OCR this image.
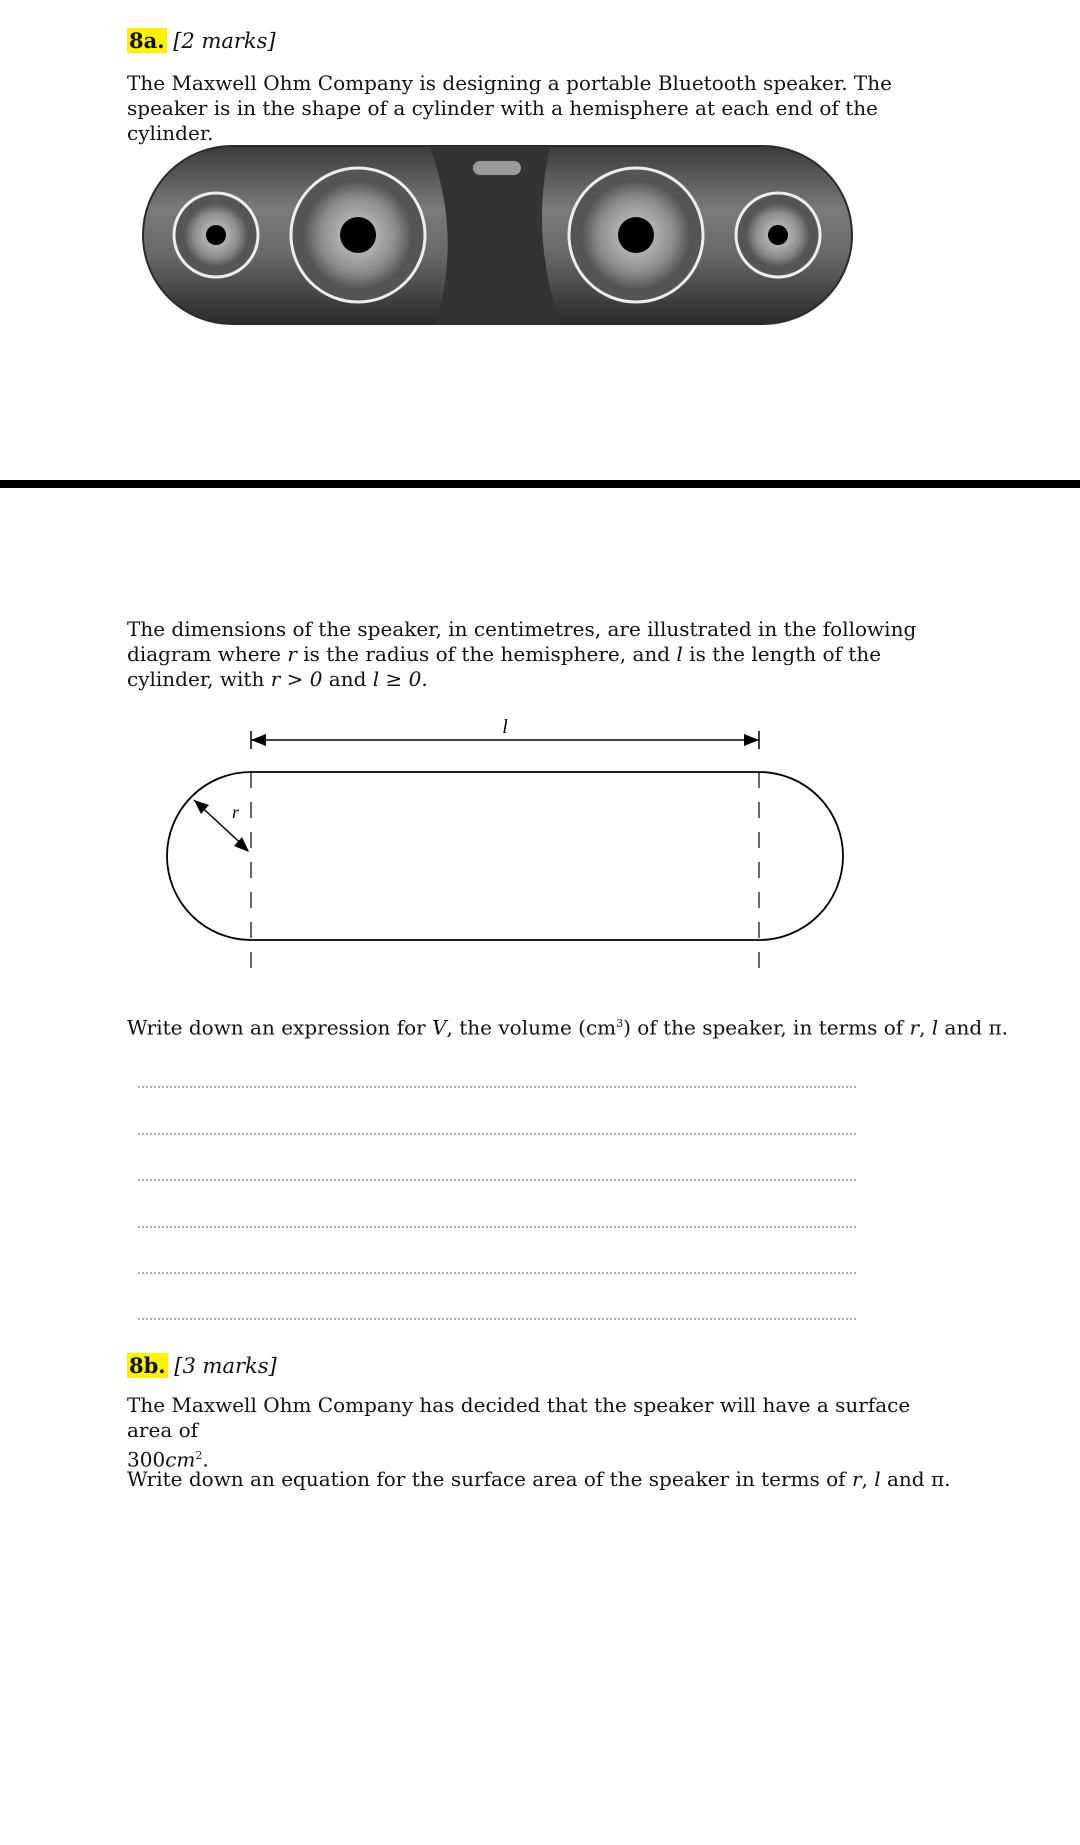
8a. [2 marks]
The Maxwell Ohm Company is designing a portable Bluetooth speaker. The speaker is in the shape of a cylinder with a hemisphere at each end of the cylinder.
The dimensions of the speaker, in centimetres, are illustrated in the following diagram where r is the radius of the hemisphere, and l is the length of the cylinder, with r > 0 and l ≥ 0.
l
r
Write down an expression for V, the volume $(cm^3)$ of the speaker, in terms of r, l and π.
8b. [3 marks]
The Maxwell Ohm Company has decided that the speaker will have a surface area of
$300cm^2$.
Write down an equation for the surface area of the speaker in terms of r, l and π.
